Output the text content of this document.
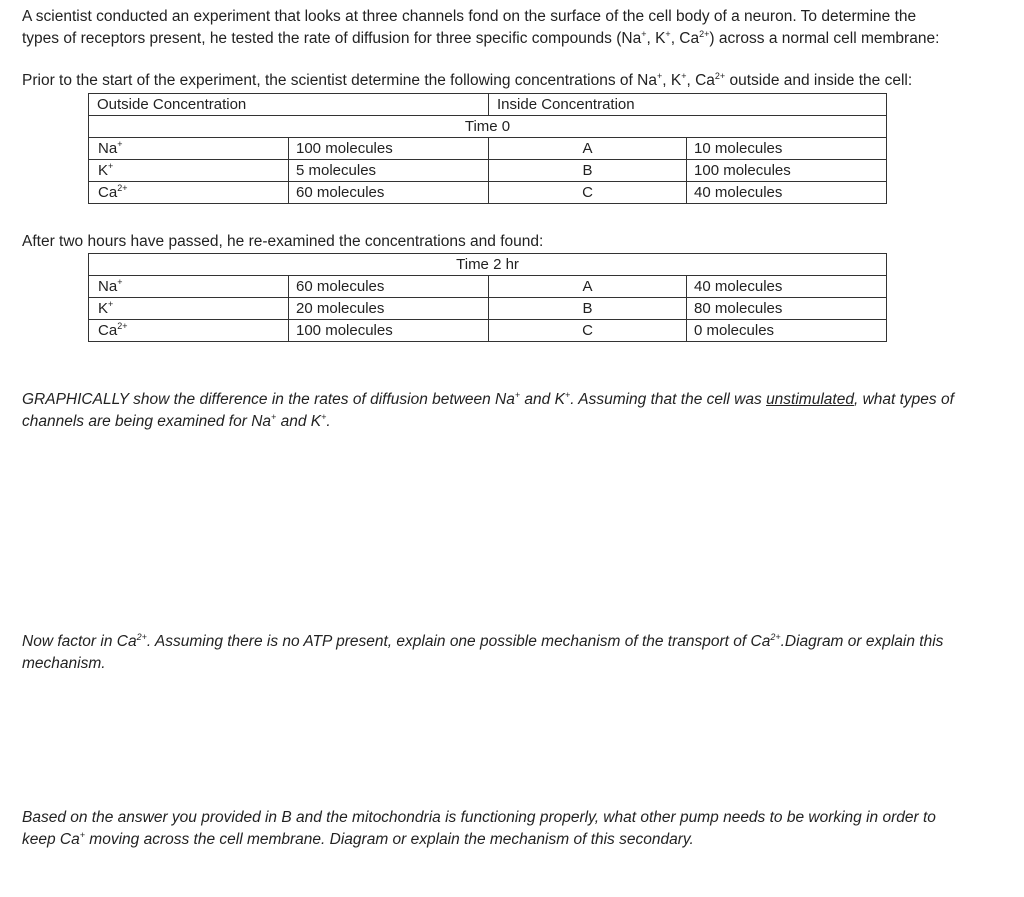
A scientist conducted an experiment that looks at three channels fond on the surface of the cell body of a neuron. To determine the
types of receptors present, he tested the rate of diffusion for three specific compounds (Na+, K+, $Ca^{2+}$) across a normal cell membrane:
Prior to the start of the experiment, the scientist determine the following concentrations of Na+, K+, $Ca^{2+}$ outside and inside the cell:
Outside Concentration		Inside Concentration	
Time 0			
Na+	100 molecules	A	10 molecules
K+	5 molecules	B	100 molecules
$Ca^{2+}$	60 molecules	C	40 molecules
After two hours have passed, he re-examined the concentrations and found:
Time 2 hr			
Na+	60 molecules	A	40 molecules
K+	20 molecules	B	80 molecules
$Ca^{2+}$	100 molecules	C	0 molecules
GRAPHICALLY show the difference in the rates of diffusion between Na+ and K+. Assuming that the cell was unstimulated, what types of
channels are being examined for Na+ and K+.
Now factor in $Ca^{2+}$. Assuming there is no ATP present, explain one possible mechanism of the transport of $Ca^{2+}.Diagram$ or explain this
mechanism.
Based on the answer you provided in B and the mitochondria is functioning properly, what other pump needs to be working in order to
keep Ca+ moving across the cell membrane. Diagram or explain the mechanism of this secondary.
